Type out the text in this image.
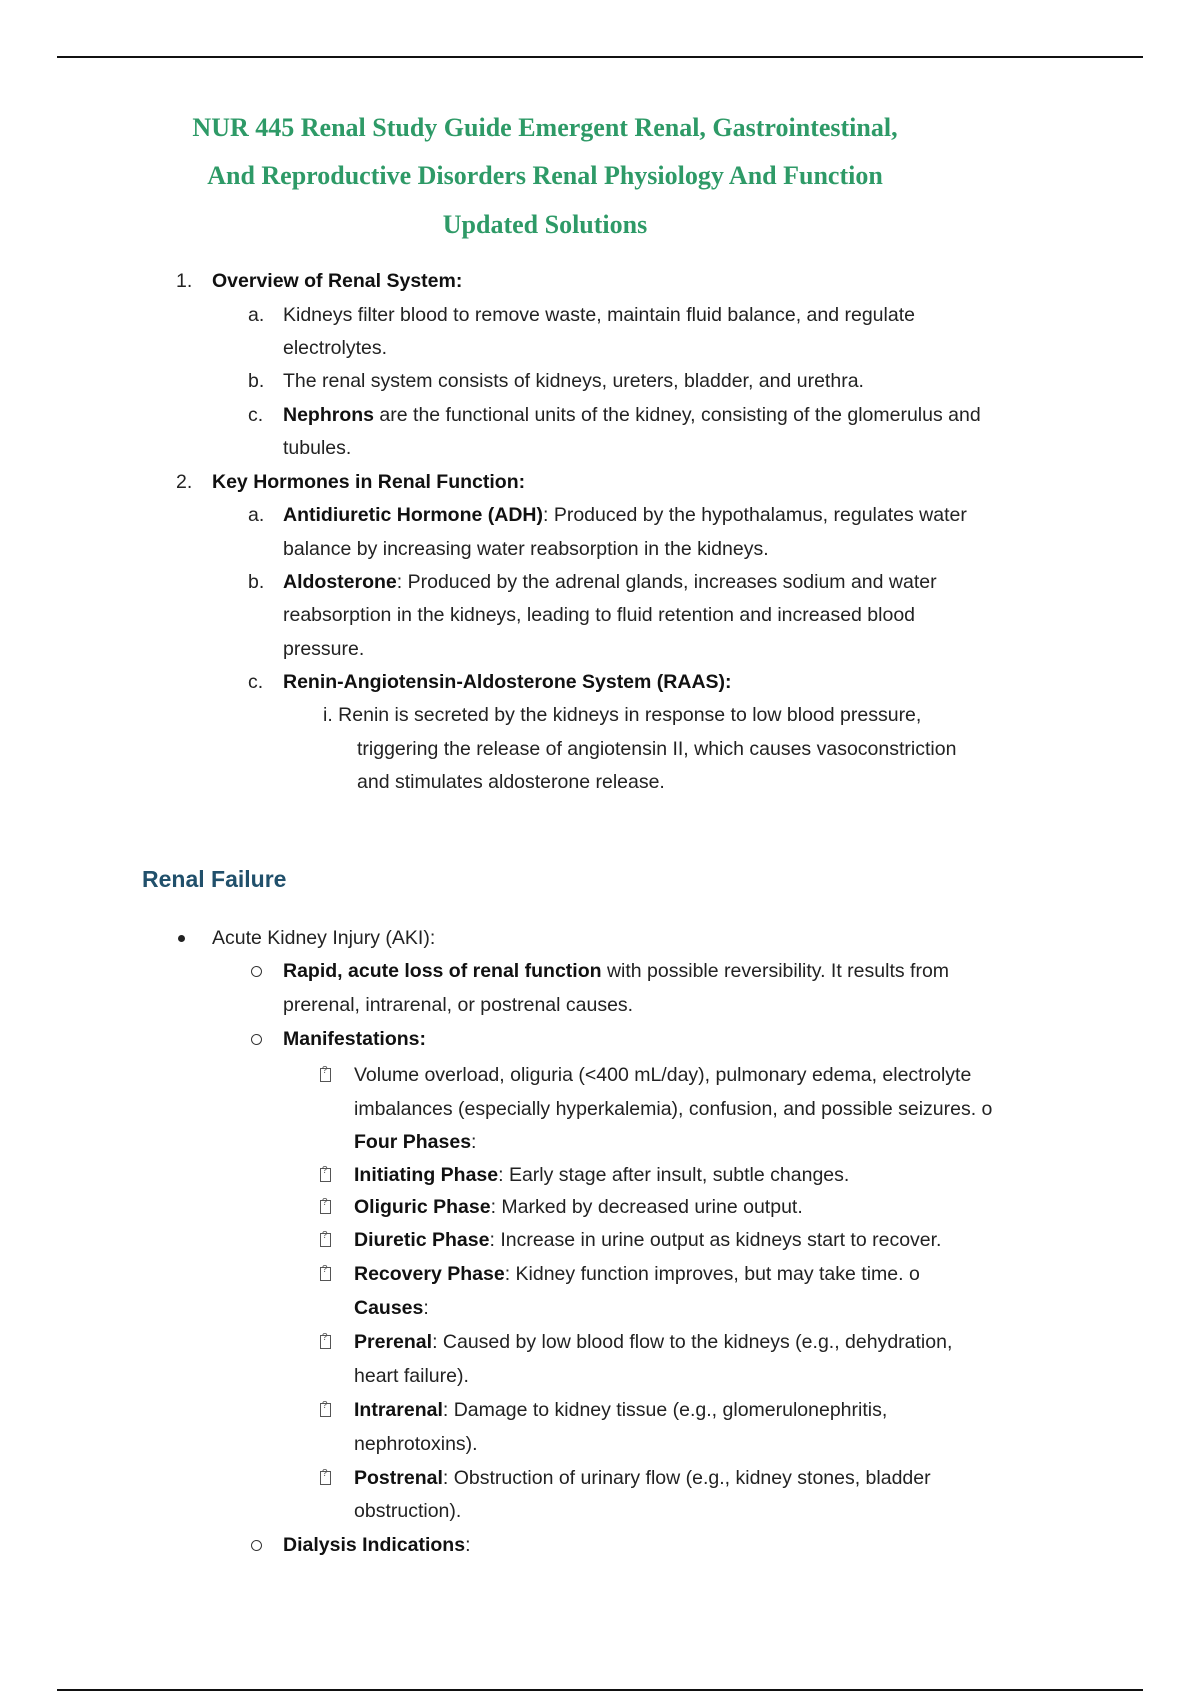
NUR 445 Renal Study Guide Emergent Renal, Gastrointestinal,
And Reproductive Disorders Renal Physiology And Function
Updated Solutions
1. Overview of Renal System:
a. Kidneys filter blood to remove waste, maintain fluid balance, and regulate
electrolytes.
b. The renal system consists of kidneys, ureters, bladder, and urethra.
c. Nephrons are the functional units of the kidney, consisting of the glomerulus and
tubules.
2. Key Hormones in Renal Function:
a. Antidiuretic Hormone (ADH): Produced by the hypothalamus, regulates water
balance by increasing water reabsorption in the kidneys.
b. Aldosterone: Produced by the adrenal glands, increases sodium and water
reabsorption in the kidneys, leading to fluid retention and increased blood
pressure.
c. Renin-Angiotensin-Aldosterone System (RAAS):
i. Renin is secreted by the kidneys in response to low blood pressure,
triggering the release of angiotensin II, which causes vasoconstriction
and stimulates aldosterone release.
Renal Failure
Acute Kidney Injury (AKI):
Rapid, acute loss of renal function with possible reversibility. It results from
prerenal, intrarenal, or postrenal causes.
Manifestations:
?
Volume overload, oliguria (<400 mL/day), pulmonary edema, electrolyte
imbalances (especially hyperkalemia), confusion, and possible seizures. o
Four Phases:
?
Initiating Phase: Early stage after insult, subtle changes.
?
Oliguric Phase: Marked by decreased urine output.
?
Diuretic Phase: Increase in urine output as kidneys start to recover.
?
Recovery Phase: Kidney function improves, but may take time. o
Causes:
?
Prerenal: Caused by low blood flow to the kidneys (e.g., dehydration,
heart failure).
?
Intrarenal: Damage to kidney tissue (e.g., glomerulonephritis,
nephrotoxins).
?
Postrenal: Obstruction of urinary flow (e.g., kidney stones, bladder
obstruction).
Dialysis Indications:
